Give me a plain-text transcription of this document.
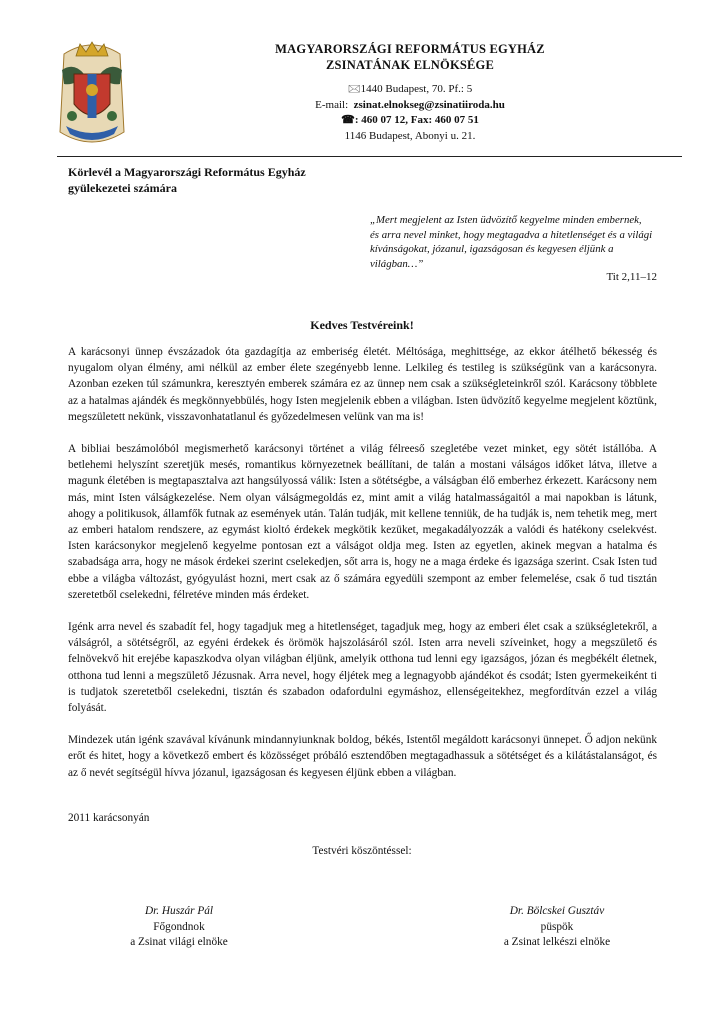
MAGYARORSZÁGI REFORMÁTUS EGYHÁZ
ZSINATÁNAK ELNÖKSÉGE
🖂1440 Budapest, 70. Pf.: 5
E-mail: zsinat.elnokseg@zsinatiiroda.hu
☎: 460 07 12, Fax: 460 07 51
1146 Budapest, Abonyi u. 21.
Körlevél a Magyarországi Református Egyház
gyülekezetei számára
„Mert megjelent az Isten üdvözítő kegyelme minden embernek,
és arra nevel minket, hogy megtagadva a hitetlenséget és a világi
kívánságokat, józanul, igazságosan és kegyesen éljünk a
világban…”
Tit 2,11–12
Kedves Testvéreink!

A karácsonyi ünnep évszázadok óta gazdagítja az emberiség életét. Méltósága, meghittsége, az ekkor átélhető békesség és nyugalom olyan élmény, ami nélkül az ember élete szegényebb lenne. Lelkileg és testileg is szükségünk van a karácsonyra. Azonban ezeken túl számunkra, keresztyén emberek számára ez az ünnep nem csak a szükségleteinkről szól. Karácsony többlete az a hatalmas ajándék és megkönnyebbülés, hogy Isten megjelenik ebben a világban. Isten üdvözítő kegyelme megjelent köztünk, megszületett nekünk, visszavonhatatlanul és győzedelmesen velünk van ma is!

A bibliai beszámolóból megismerhető karácsonyi történet a világ félreeső szegletébe vezet minket, egy sötét istállóba. A betlehemi helyszínt szeretjük mesés, romantikus környezetnek beállítani, de talán a mostani válságos időket látva, illetve a magunk életében is megtapasztalva azt hangsúlyossá válik: Isten a sötétségbe, a válságban élő emberhez érkezett. Karácsony nem más, mint Isten válságkezelése. Nem olyan válságmegoldás ez, mint amit a világ hatalmasságaitól a mai napokban is látunk, ahogy a politikusok, államfők futnak az események után. Talán tudják, mit kellene tenniük, de ha tudják is, nem tehetik meg, mert az emberi hatalom rendszere, az egymást kioltó érdekek megkötik kezüket, megakadályozzák a valódi és hatékony cselekvést. Isten karácsonykor megjelenő kegyelme pontosan ezt a válságot oldja meg. Isten az egyetlen, akinek megvan a hatalma és szabadsága arra, hogy ne mások érdekei szerint cselekedjen, sőt arra is, hogy ne a maga érdeke és igazsága szerint. Csak Isten tud ebbe a világba változást, gyógyulást hozni, mert csak az ő számára egyedüli szempont az ember felemelése, csak ő tud tisztán szeretetből cselekedni, félretéve minden más érdeket.

Igénk arra nevel és szabadít fel, hogy tagadjuk meg a hitetlenséget, tagadjuk meg, hogy az emberi élet csak a szükségletekről, a válságról, a sötétségről, az egyéni érdekek és örömök hajszolásáról szól. Isten arra neveli szíveinket, hogy a megszülető és felnövekvő hit erejébe kapaszkodva olyan világban éljünk, amelyik otthona tud lenni egy igazságos, józan és megbékélt életnek, otthona tud lenni a megszülető Jézusnak. Arra nevel, hogy éljétek meg a legnagyobb ajándékot és csodát; Isten gyermekeiként ti is tudjatok szeretetből cselekedni, tisztán és szabadon odafordulni egymáshoz, ellenségeitekhez, megfordítván ezzel a világ folyását.

Mindezek után igénk szavával kívánunk mindannyiunknak boldog, békés, Istentől megáldott karácsonyi ünnepet. Ő adjon nekünk erőt és hitet, hogy a következő embert és közösséget próbáló esztendőben megtagadhassuk a sötétséget és a kilátástalanságot, és az ő nevét segítségül hívva józanul, igazságosan és kegyesen éljünk ebben a világban.

2011 karácsonyán
Testvéri köszöntéssel:
Dr. Huszár Pál
Főgondnok
a Zsinat világi elnöke
Dr. Bölcskei Gusztáv
püspök
a Zsinat lelkészi elnöke
